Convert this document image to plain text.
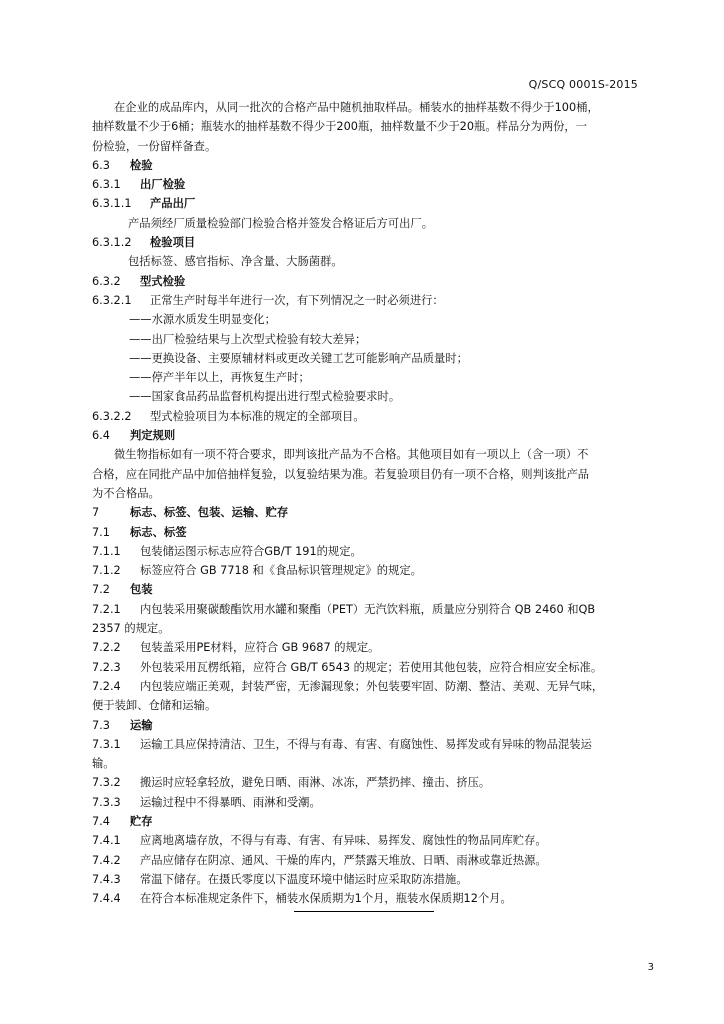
Q/SCQ 0001S-2015
在企业的成品库内，从同一批次的合格产品中随机抽取样品。桶装水的抽样基数不得少于100桶，
抽样数量不少于6桶；瓶装水的抽样基数不得少于200瓶，抽样数量不少于20瓶。样品分为两份，一
份检验，一份留样备查。
6.3 检验
6.3.1 出厂检验
6.3.1.1 产品出厂
产品须经厂质量检验部门检验合格并签发合格证后方可出厂。
6.3.1.2 检验项目
包括标签、感官指标、净含量、大肠菌群。
6.3.2 型式检验
6.3.2.1 正常生产时每半年进行一次，有下列情况之一时必须进行：
——水源水质发生明显变化；
——出厂检验结果与上次型式检验有较大差异；
——更换设备、主要原辅材料或更改关键工艺可能影响产品质量时；
——停产半年以上，再恢复生产时；
——国家食品药品监督机构提出进行型式检验要求时。
6.3.2.2 型式检验项目为本标准的规定的全部项目。
6.4 判定规则
微生物指标如有一项不符合要求，即判该批产品为不合格。其他项目如有一项以上（含一项）不
合格，应在同批产品中加倍抽样复验，以复验结果为准。若复验项目仍有一项不合格，则判该批产品
为不合格品。
7	标志、标签、包装、运输、贮存
7.1 标志、标签
7.1.1 包装储运图示标志应符合GB/T 191的规定。
7.1.2 标签应符合 GB 7718 和《食品标识管理规定》的规定。
7.2 包装
7.2.1 内包装采用聚碳酸酯饮用水罐和聚酯（PET）无汽饮料瓶，质量应分别符合 QB 2460 和QB
2357 的规定。
7.2.2 包装盖采用PE材料，应符合 GB 9687 的规定。
7.2.3 外包装采用瓦楞纸箱，应符合 GB/T 6543 的规定；若使用其他包装，应符合相应安全标准。
7.2.4 内包装应端正美观，封装严密，无渗漏现象；外包装要牢固、防潮、整洁、美观、无异气味，
便于装卸、仓储和运输。
7.3 运输
7.3.1 运输工具应保持清洁、卫生，不得与有毒、有害、有腐蚀性、易挥发或有异味的物品混装运
输。
7.3.2 搬运时应轻拿轻放，避免日晒、雨淋、冰冻，严禁扔摔、撞击、挤压。
7.3.3 运输过程中不得暴晒、雨淋和受潮。
7.4 贮存
7.4.1 应离地离墙存放，不得与有毒、有害、有异味、易挥发、腐蚀性的物品同库贮存。
7.4.2 产品应储存在阴凉、通风、干燥的库内，严禁露天堆放、日晒、雨淋或靠近热源。
7.4.3 常温下储存。在摄氏零度以下温度环境中储运时应采取防冻措施。
7.4.4 在符合本标准规定条件下，桶装水保质期为1个月，瓶装水保质期12个月。
3
